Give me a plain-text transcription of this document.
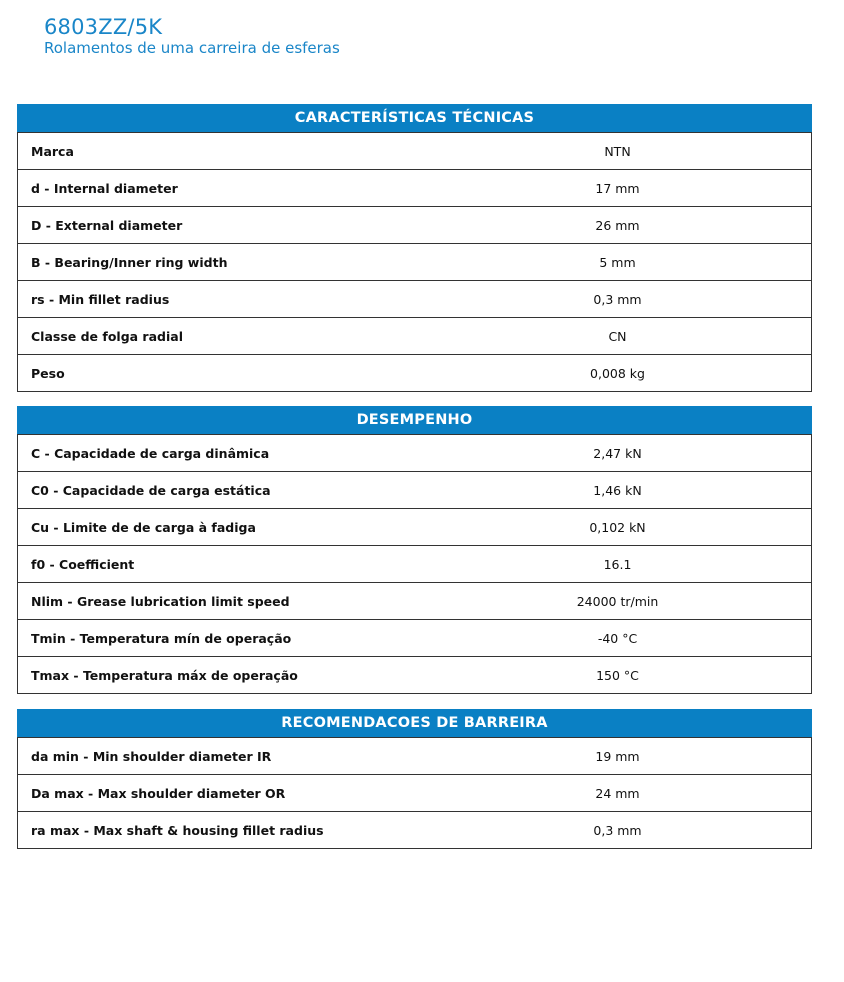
6803ZZ/5K
Rolamentos de uma carreira de esferas
CARACTERÍSTICAS TÉCNICAS
Marca	NTN
d - Internal diameter	17 mm
D - External diameter	26 mm
B - Bearing/Inner ring width	5 mm
rs - Min fillet radius	0,3 mm
Classe de folga radial	CN
Peso	0,008 kg
DESEMPENHO
C - Capacidade de carga dinâmica	2,47 kN
C0 - Capacidade de carga estática	1,46 kN
Cu - Limite de de carga à fadiga	0,102 kN
f0 - Coefficient	16.1
Nlim - Grease lubrication limit speed	24000 tr/min
Tmin - Temperatura mín de operação	-40 °C
Tmax - Temperatura máx de operação	150 °C
RECOMENDACOES DE BARREIRA
da min - Min shoulder diameter IR	19 mm
Da max - Max shoulder diameter OR	24 mm
ra max - Max shaft & housing fillet radius	0,3 mm
